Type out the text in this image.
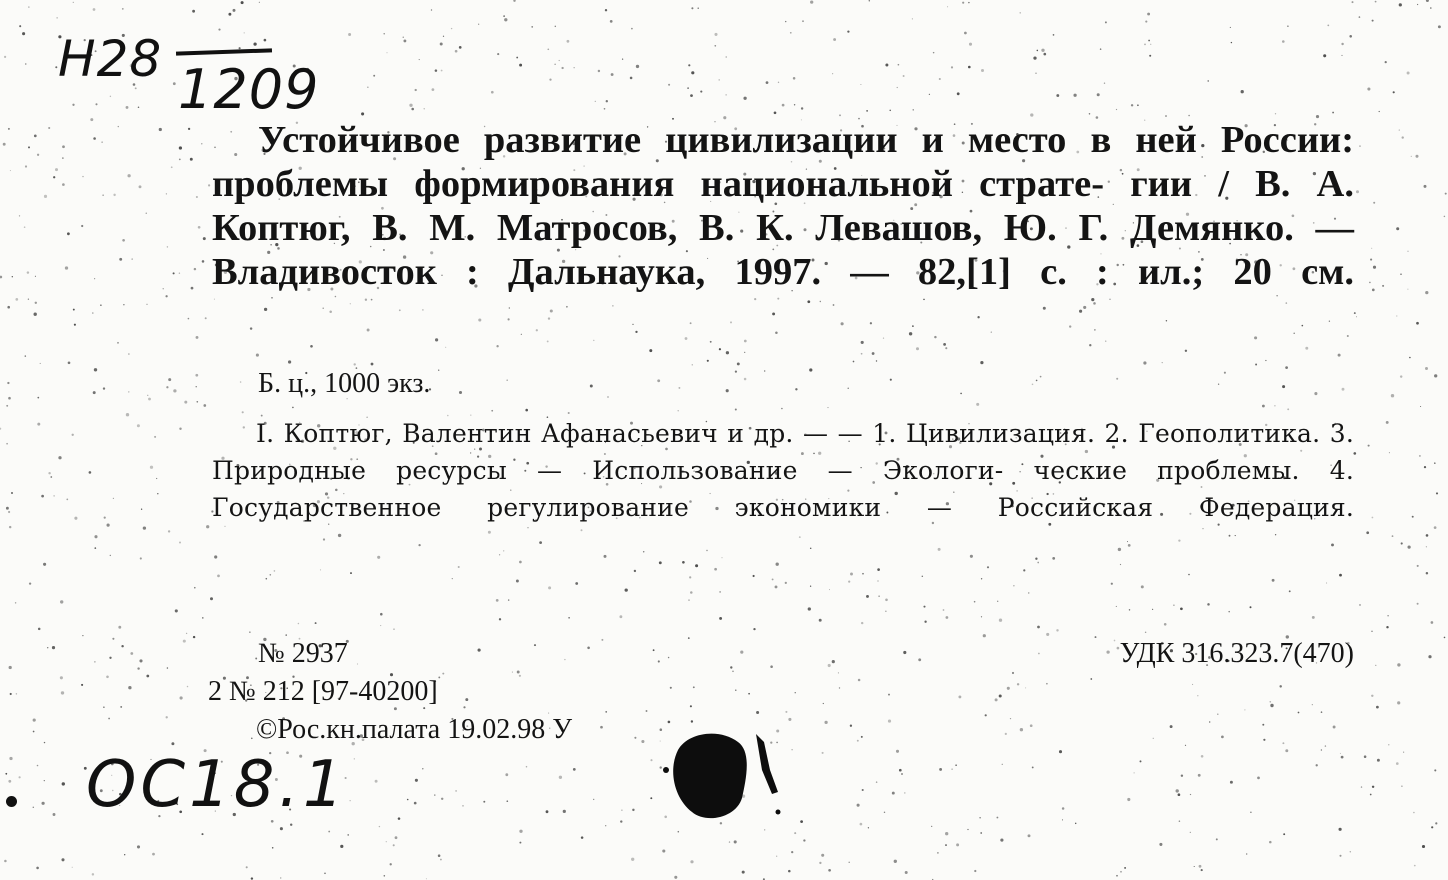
H28 1209

Устойчивое развитие цивилизации и место в ней России: проблемы формирования национальной страте- гии / В. А. Коптюг, В. М. Матросов, В. К. Левашов, Ю. Г. Демянко. — Владивосток : Дальнаука, 1997. — 82,[1] с. : ил.; 20 см.

Б. ц., 1000 экз.

I. Коптюг, Валентин Афанасьевич и др. — — 1. Цивилизация. 2. Геополитика. 3. Природные ресурсы — Использование — Экологи- ческие проблемы. 4. Государственное регулирование экономики — Российская Федерация.

№ 2937	УДК 316.323.7(470)

2 № 212 [97-40200]

©Рос.кн.палата 19.02.98 У

OC18.1
